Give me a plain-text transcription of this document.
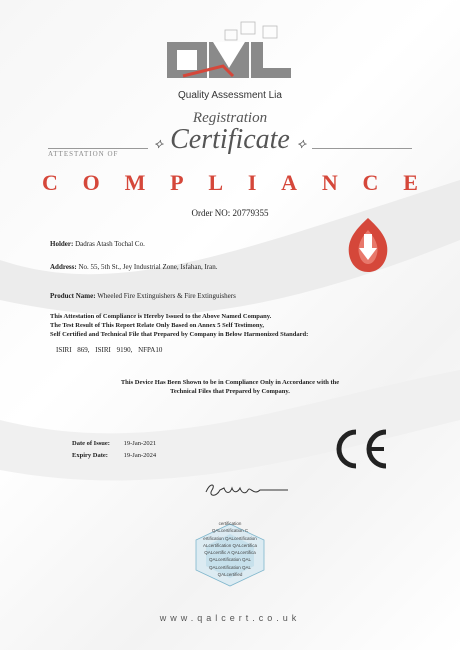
Quality Assessment Lia
Registration
ATTESTATION OF
⟡ Certificate ⟡
C O M P L I A N C E
Order NO: 20779355
Holder: Dadras Atash Tochal Co.
Address: No. 55, 5th St., Jey Industrial Zone, Isfahan, Iran.
Product Name: Wheeled Fire Extinguishers & Fire Extinguishers
This Attestation of Compliance is Hereby Issued to the Above Named Company.
The Test Result of This Report Relate Only Based on Annex 5 Self Testimony,
Self Certified and Technical File that Prepared by Company in Below Harmonized Standard:
ISIRI 869, ISIRI 9190, NFPA10
This Device Has Been Shown to be in Compliance Only in Accordance with the
Technical Files that Prepared by Company.
Date of Issue: 19-Jan-2021
Expiry Date: 19-Jan-2024
certification
QALcertification C
ertification QALcertification
ALcertification QALcertifica
QALcertific A QALcertifica
QALcertification QAL
QALcertification QAL
QALcertified
www.qalcert.co.uk
